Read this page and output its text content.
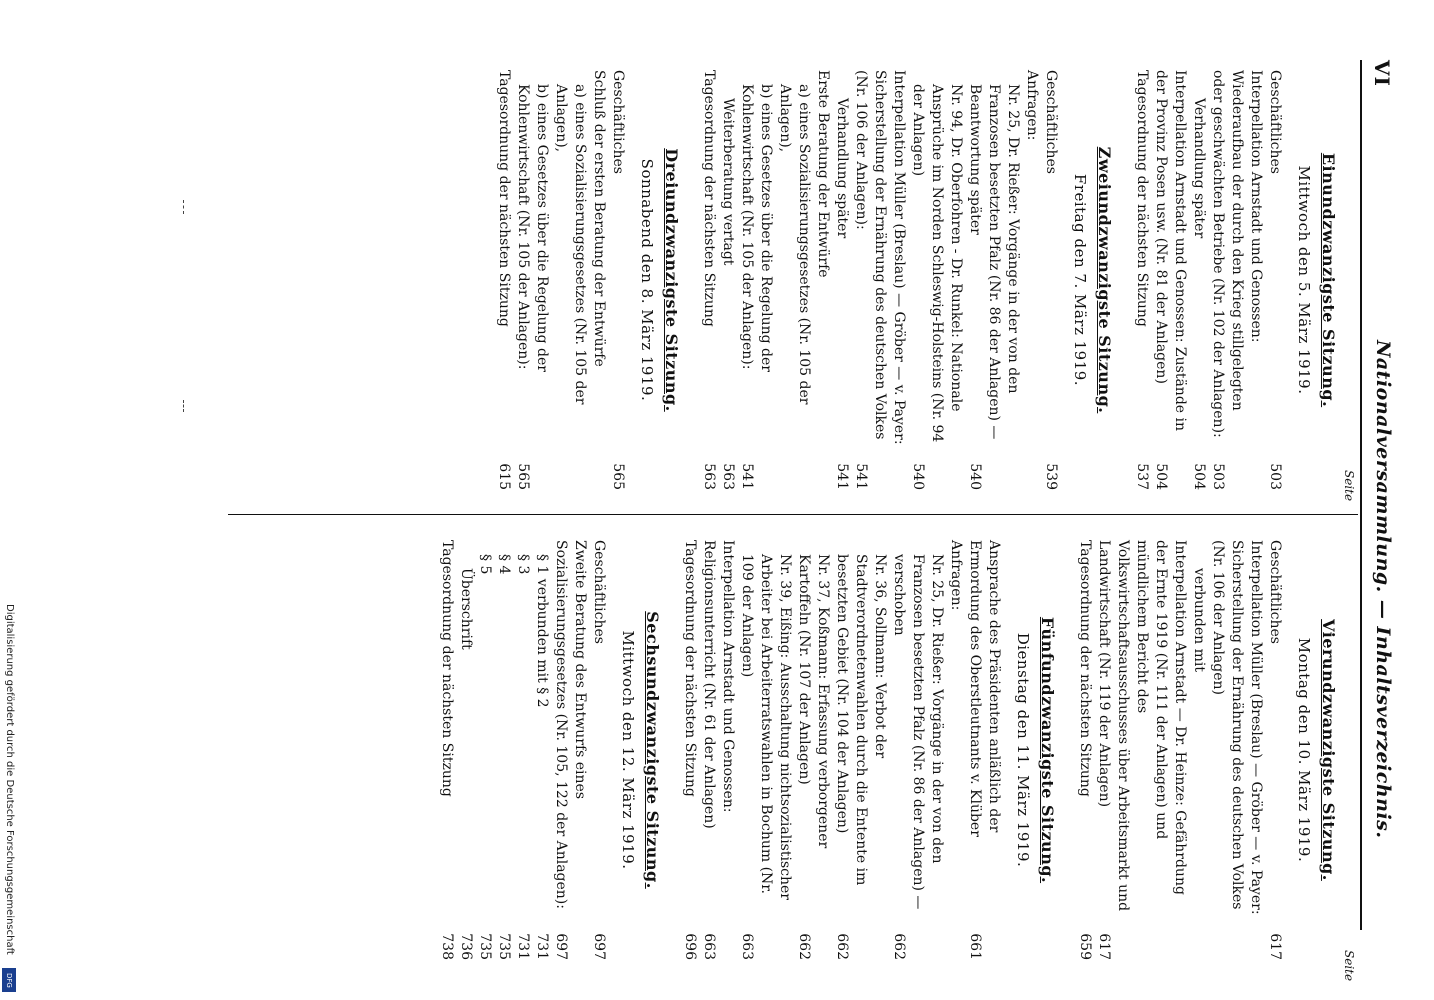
VI
Nationalversammlung. — Inhaltsverzeichnis.
Seite
Seite
Einundzwanzigste Sitzung.
Mittwoch den 5. März 1919.
Geschäftliches
503
Interpellation Arnstadt und Genossen: Wiederaufbau der durch den Krieg stillgelegten oder geschwächten Betriebe (Nr. 102 der Anlagen):
503
Verhandlung später
504
Interpellation Arnstadt und Genossen: Zustände in der Provinz Posen usw. (Nr. 81 der Anlagen)
504
Tagesordnung der nächsten Sitzung
537
Zweiundzwanzigste Sitzung.
Freitag den 7. März 1919.
Geschäftliches
539
Anfragen:
Nr. 25, Dr. Rießer: Vorgänge in der von den Franzosen besetzten Pfalz (Nr. 86 der Anlagen) — Beantwortung später
540
Nr. 94, Dr. Oberfohren - Dr. Runkel: Nationale Ansprüche im Norden Schleswig-Holsteins (Nr. 94 der Anlagen)
540
Interpellation Müller (Breslau) — Gröber — v. Payer: Sicherstellung der Ernährung des deutschen Volkes (Nr. 106 der Anlagen):
541
Verhandlung später
541
Erste Beratung der Entwürfe
a) eines Sozialisierungsgesetzes (Nr. 105 der Anlagen),
b) eines Gesetzes über die Regelung der Kohlenwirtschaft (Nr. 105 der Anlagen):
541
Weiterberatung vertagt
563
Tagesordnung der nächsten Sitzung
563
Dreiundzwanzigste Sitzung.
Sonnabend den 8. März 1919.
Geschäftliches
565
Schluß der ersten Beratung der Entwürfe
a) eines Sozialisierungsgesetzes (Nr. 105 der Anlagen),
b) eines Gesetzes über die Regelung der Kohlenwirtschaft (Nr. 105 der Anlagen):
565
Tagesordnung der nächsten Sitzung
615
Vierundzwanzigste Sitzung.
Montag den 10. März 1919.
Geschäftliches
617
Interpellation Müller (Breslau) — Gröber — v. Payer: Sicherstellung der Ernährung des deutschen Volkes (Nr. 106 der Anlagen)
verbunden mit
Interpellation Arnstadt — Dr. Heinze: Gefährdung der Ernte 1919 (Nr. 111 der Anlagen) und mündlichem Bericht des Volkswirtschaftsausschusses über Arbeitsmarkt und Landwirtschaft (Nr. 119 der Anlagen)
617
Tagesordnung der nächsten Sitzung
659
Fünfundzwanzigste Sitzung.
Dienstag den 11. März 1919.
Ansprache des Präsidenten anläßlich der Ermordung des Oberstleutnants v. Klüber
661
Anfragen:
Nr. 25, Dr. Rießer: Vorgänge in der von den Franzosen besetzten Pfalz (Nr. 86 der Anlagen) — verschoben
662
Nr. 36, Sollmann: Verbot der Stadtverordnetenwahlen durch die Entente im besetzten Gebiet (Nr. 104 der Anlagen)
662
Nr. 37, Koßmann: Erfassung verborgener Kartoffeln (Nr. 107 der Anlagen)
662
Nr. 39, Eißing: Ausschaltung nichtsozialistischer Arbeiter bei Arbeiterratswahlen in Bochum (Nr. 109 der Anlagen)
663
Interpellation Arnstadt und Genossen: Religionsunterricht (Nr. 61 der Anlagen)
663
Tagesordnung der nächsten Sitzung
696
Sechsundzwanzigste Sitzung.
Mittwoch den 12. März 1919.
Geschäftliches
697
Zweite Beratung des Entwurfs eines Sozialisierungsgesetzes (Nr. 105, 122 der Anlagen):
697
§ 1 verbunden mit § 2
731
§ 3
731
§ 4
735
§ 5
735
Überschrift
736
Tagesordnung der nächsten Sitzung
738
Digitalisierung gefördert durch die Deutsche Forschungsgemeinschaft
DFG
